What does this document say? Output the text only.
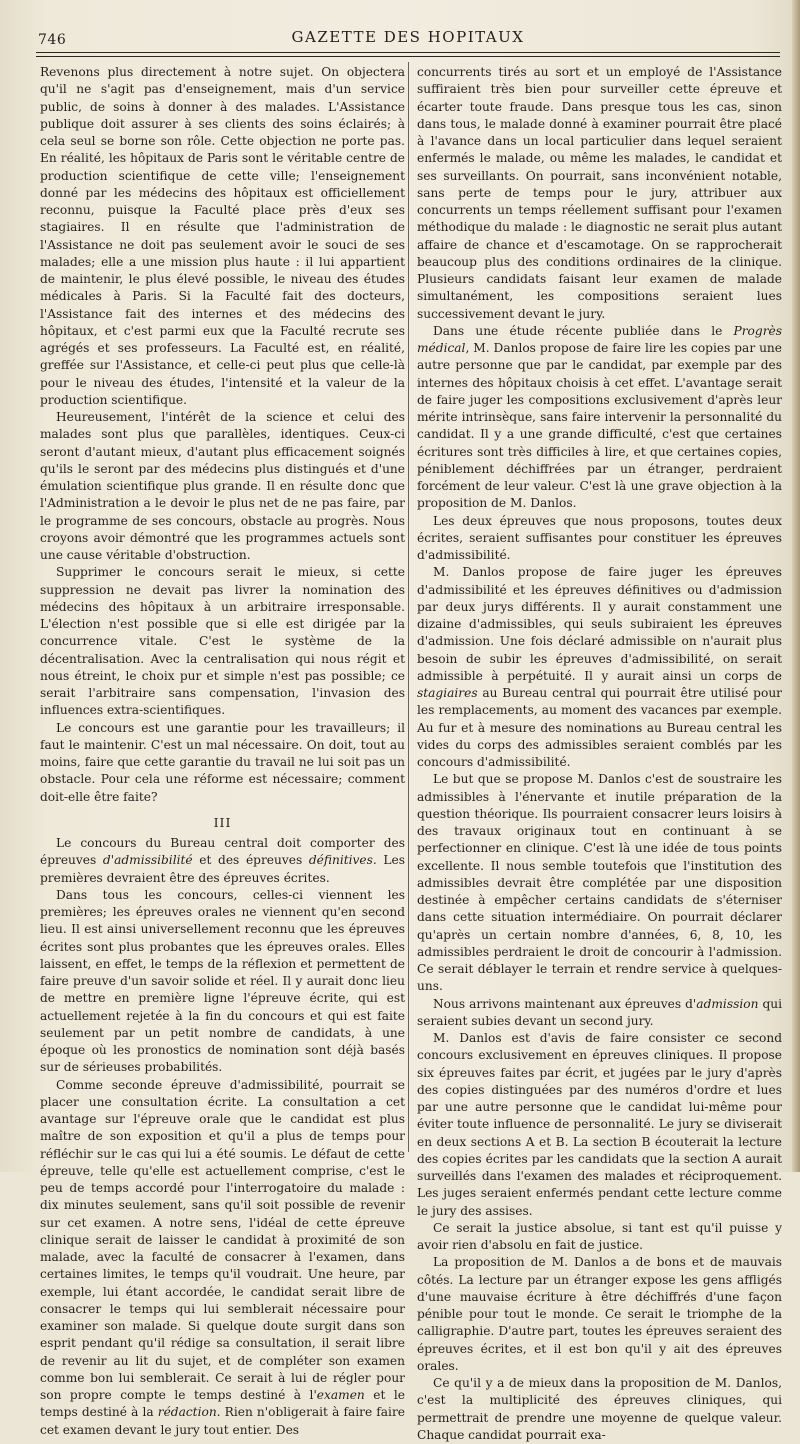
746	GAZETTE DES HOPITAUX

Revenons plus directement à notre sujet. On objectera qu'il ne s'agit pas d'enseignement, mais d'un service public, de soins à donner à des malades. L'Assistance publique doit assurer à ses clients des soins éclairés; à cela seul se borne son rôle. Cette objection ne porte pas. En réalité, les hôpitaux de Paris sont le véritable centre de production scientifique de cette ville; l'enseignement donné par les médecins des hôpitaux est officiellement reconnu, puisque la Faculté place près d'eux ses stagiaires. Il en résulte que l'administration de l'Assistance ne doit pas seulement avoir le souci de ses malades; elle a une mission plus haute : il lui appartient de maintenir, le plus élevé possible, le niveau des études médicales à Paris. Si la Faculté fait des docteurs, l'Assistance fait des internes et des médecins des hôpitaux, et c'est parmi eux que la Faculté recrute ses agrégés et ses professeurs. La Faculté est, en réalité, greffée sur l'Assistance, et celle-ci peut plus que celle-là pour le niveau des études, l'intensité et la valeur de la production scientifique.

Heureusement, l'intérêt de la science et celui des malades sont plus que parallèles, identiques. Ceux-ci seront d'autant mieux, d'autant plus efficacement soignés qu'ils le seront par des médecins plus distingués et d'une émulation scientifique plus grande. Il en résulte donc que l'Administration a le devoir le plus net de ne pas faire, par le programme de ses concours, obstacle au progrès. Nous croyons avoir démontré que les programmes actuels sont une cause véritable d'obstruction.

Supprimer le concours serait le mieux, si cette suppression ne devait pas livrer la nomination des médecins des hôpitaux à un arbitraire irresponsable. L'élection n'est possible que si elle est dirigée par la concurrence vitale. C'est le système de la décentralisation. Avec la centralisation qui nous régit et nous étreint, le choix pur et simple n'est pas possible; ce serait l'arbitraire sans compensation, l'invasion des influences extra-scientifiques.

Le concours est une garantie pour les travailleurs; il faut le maintenir. C'est un mal nécessaire. On doit, tout au moins, faire que cette garantie du travail ne lui soit pas un obstacle. Pour cela une réforme est nécessaire; comment doit-elle être faite?

III

Le concours du Bureau central doit comporter des épreuves d'admissibilité et des épreuves définitives. Les premières devraient être des épreuves écrites.

Dans tous les concours, celles-ci viennent les premières; les épreuves orales ne viennent qu'en second lieu. Il est ainsi universellement reconnu que les épreuves écrites sont plus probantes que les épreuves orales. Elles laissent, en effet, le temps de la réflexion et permettent de faire preuve d'un savoir solide et réel. Il y aurait donc lieu de mettre en première ligne l'épreuve écrite, qui est actuellement rejetée à la fin du concours et qui est faite seulement par un petit nombre de candidats, à une époque où les pronostics de nomination sont déjà basés sur de sérieuses probabilités.

Comme seconde épreuve d'admissibilité, pourrait se placer une consultation écrite. La consultation a cet avantage sur l'épreuve orale que le candidat est plus maître de son exposition et qu'il a plus de temps pour réfléchir sur le cas qui lui a été soumis. Le défaut de cette épreuve, telle qu'elle est actuellement comprise, c'est le peu de temps accordé pour l'interrogatoire du malade : dix minutes seulement, sans qu'il soit possible de revenir sur cet examen. A notre sens, l'idéal de cette épreuve clinique serait de laisser le candidat à proximité de son malade, avec la faculté de consacrer à l'examen, dans certaines limites, le temps qu'il voudrait. Une heure, par exemple, lui étant accordée, le candidat serait libre de consacrer le temps qui lui semblerait nécessaire pour examiner son malade. Si quelque doute surgit dans son esprit pendant qu'il rédige sa consultation, il serait libre de revenir au lit du sujet, et de compléter son examen comme bon lui semblerait. Ce serait à lui de régler pour son propre compte le temps destiné à l'examen et le temps destiné à la rédaction. Rien n'obligerait à faire faire cet examen devant le jury tout entier. Des

concurrents tirés au sort et un employé de l'Assistance suffiraient très bien pour surveiller cette épreuve et écarter toute fraude. Dans presque tous les cas, sinon dans tous, le malade donné à examiner pourrait être placé à l'avance dans un local particulier dans lequel seraient enfermés le malade, ou même les malades, le candidat et ses surveillants. On pourrait, sans inconvénient notable, sans perte de temps pour le jury, attribuer aux concurrents un temps réellement suffisant pour l'examen méthodique du malade : le diagnostic ne serait plus autant affaire de chance et d'escamotage. On se rapprocherait beaucoup plus des conditions ordinaires de la clinique. Plusieurs candidats faisant leur examen de malade simultanément, les compositions seraient lues successivement devant le jury.

Dans une étude récente publiée dans le Progrès médical, M. Danlos propose de faire lire les copies par une autre personne que par le candidat, par exemple par des internes des hôpitaux choisis à cet effet. L'avantage serait de faire juger les compositions exclusivement d'après leur mérite intrinsèque, sans faire intervenir la personnalité du candidat. Il y a une grande difficulté, c'est que certaines écritures sont très difficiles à lire, et que certaines copies, péniblement déchiffrées par un étranger, perdraient forcément de leur valeur. C'est là une grave objection à la proposition de M. Danlos.

Les deux épreuves que nous proposons, toutes deux écrites, seraient suffisantes pour constituer les épreuves d'admissibilité.

M. Danlos propose de faire juger les épreuves d'admissibilité et les épreuves définitives ou d'admission par deux jurys différents. Il y aurait constamment une dizaine d'admissibles, qui seuls subiraient les épreuves d'admission. Une fois déclaré admissible on n'aurait plus besoin de subir les épreuves d'admissibilité, on serait admissible à perpétuité. Il y aurait ainsi un corps de stagiaires au Bureau central qui pourrait être utilisé pour les remplacements, au moment des vacances par exemple. Au fur et à mesure des nominations au Bureau central les vides du corps des admissibles seraient comblés par les concours d'admissibilité.

Le but que se propose M. Danlos c'est de soustraire les admissibles à l'énervante et inutile préparation de la question théorique. Ils pourraient consacrer leurs loisirs à des travaux originaux tout en continuant à se perfectionner en clinique. C'est là une idée de tous points excellente. Il nous semble toutefois que l'institution des admissibles devrait être complétée par une disposition destinée à empêcher certains candidats de s'éterniser dans cette situation intermédiaire. On pourrait déclarer qu'après un certain nombre d'années, 6, 8, 10, les admissibles perdraient le droit de concourir à l'admission. Ce serait déblayer le terrain et rendre service à quelques-uns.

Nous arrivons maintenant aux épreuves d'admission qui seraient subies devant un second jury.

M. Danlos est d'avis de faire consister ce second concours exclusivement en épreuves cliniques. Il propose six épreuves faites par écrit, et jugées par le jury d'après des copies distinguées par des numéros d'ordre et lues par une autre personne que le candidat lui-même pour éviter toute influence de personnalité. Le jury se diviserait en deux sections A et B. La section B écouterait la lecture des copies écrites par les candidats que la section A aurait surveillés dans l'examen des malades et réciproquement. Les juges seraient enfermés pendant cette lecture comme le jury des assises.

Ce serait la justice absolue, si tant est qu'il puisse y avoir rien d'absolu en fait de justice.

La proposition de M. Danlos a de bons et de mauvais côtés. La lecture par un étranger expose les gens affligés d'une mauvaise écriture à être déchiffrés d'une façon pénible pour tout le monde. Ce serait le triomphe de la calligraphie. D'autre part, toutes les épreuves seraient des épreuves écrites, et il est bon qu'il y ait des épreuves orales.

Ce qu'il y a de mieux dans la proposition de M. Danlos, c'est la multiplicité des épreuves cliniques, qui permettrait de prendre une moyenne de quelque valeur. Chaque candidat pourrait exa-
